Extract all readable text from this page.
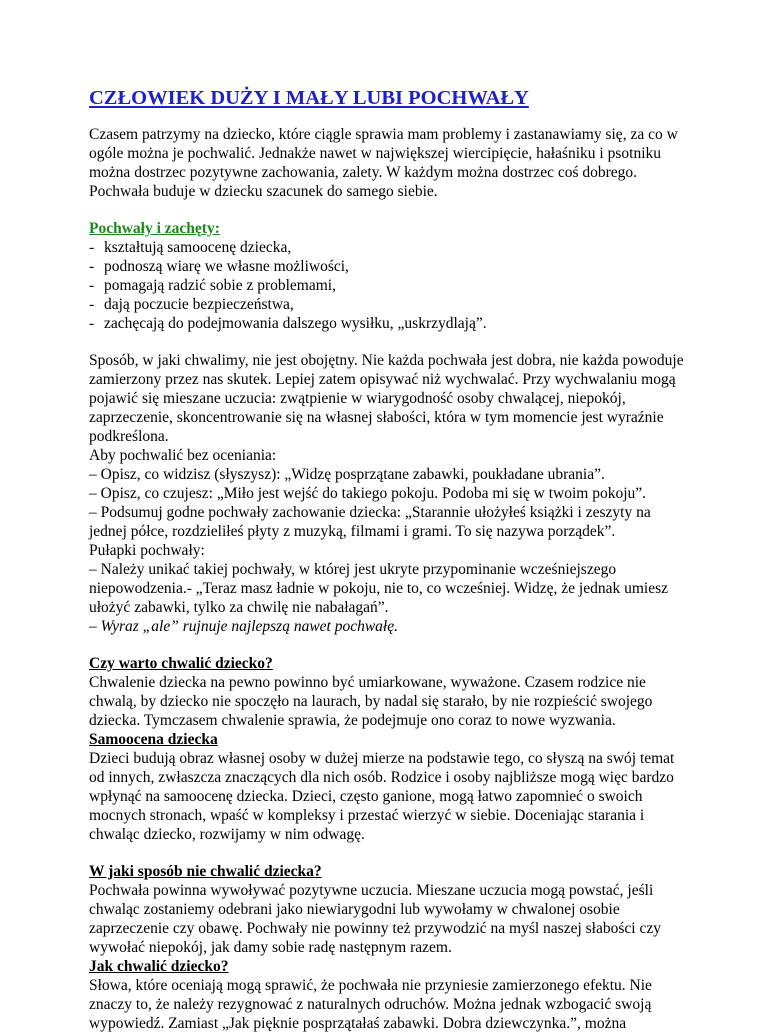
CZŁOWIEK DUŻY I MAŁY LUBI POCHWAŁY

Czasem patrzymy na dziecko, które ciągle sprawia mam problemy i zastanawiamy się, za co w ogóle można je pochwalić. Jednakże nawet w największej wiercipięcie, hałaśniku i psotniku można dostrzec pozytywne zachowania, zalety. W każdym można dostrzec coś dobrego. Pochwała buduje w dziecku szacunek do samego siebie.

Pochwały i zachęty:

- kształtują samoocenę dziecka,
- podnoszą wiarę we własne możliwości,
- pomagają radzić sobie z problemami,
- dają poczucie bezpieczeństwa,
- zachęcają do podejmowania dalszego wysiłku, „uskrzydlają”.

Sposób, w jaki chwalimy, nie jest obojętny. Nie każda pochwała jest dobra, nie każda powoduje zamierzony przez nas skutek. Lepiej zatem opisywać niż wychwalać. Przy wychwalaniu mogą pojawić się mieszane uczucia: zwątpienie w wiarygodność osoby chwalącej, niepokój, zaprzeczenie, skoncentrowanie się na własnej słabości, która w tym momencie jest wyraźnie podkreślona.

Aby pochwalić bez oceniania:

– Opisz, co widzisz (słyszysz): „Widzę posprzątane zabawki, poukładane ubrania”.

– Opisz, co czujesz: „Miło jest wejść do takiego pokoju. Podoba mi się w twoim pokoju”.

– Podsumuj godne pochwały zachowanie dziecka: „Starannie ułożyłeś książki i zeszyty na jednej półce, rozdzieliłeś płyty z muzyką, filmami i grami. To się nazywa porządek”.

Pułapki pochwały:

– Należy unikać takiej pochwały, w której jest ukryte przypominanie wcześniejszego niepowodzenia.- „Teraz masz ładnie w pokoju, nie to, co wcześniej. Widzę, że jednak umiesz ułożyć zabawki, tylko za chwilę nie nabałagań”.

– Wyraz „ale” rujnuje najlepszą nawet pochwałę.

Czy warto chwalić dziecko?

Chwalenie dziecka na pewno powinno być umiarkowane, wyważone. Czasem rodzice nie chwalą, by dziecko nie spoczęło na laurach, by nadal się starało, by nie rozpieścić swojego dziecka. Tymczasem chwalenie sprawia, że podejmuje ono coraz to nowe wyzwania.

Samoocena dziecka

Dzieci budują obraz własnej osoby w dużej mierze na podstawie tego, co słyszą na swój temat od innych, zwłaszcza znaczących dla nich osób. Rodzice i osoby najbliższe mogą więc bardzo wpłynąć na samoocenę dziecka. Dzieci, często ganione, mogą łatwo zapomnieć o swoich mocnych stronach, wpaść w kompleksy i przestać wierzyć w siebie. Doceniając starania i chwaląc dziecko, rozwijamy w nim odwagę.

W jaki sposób nie chwalić dziecka?

Pochwała powinna wywoływać pozytywne uczucia. Mieszane uczucia mogą powstać, jeśli chwaląc zostaniemy odebrani jako niewiarygodni lub wywołamy w chwalonej osobie zaprzeczenie czy obawę. Pochwały nie powinny też przywodzić na myśl naszej słabości czy wywołać niepokój, jak damy sobie radę następnym razem.

Jak chwalić dziecko?

Słowa, które oceniają mogą sprawić, że pochwała nie przyniesie zamierzonego efektu. Nie znaczy to, że należy rezygnować z naturalnych odruchów. Można jednak wzbogacić swoją wypowiedź. Zamiast „Jak pięknie posprzątałaś zabawki. Dobra dziewczynka.”, można
